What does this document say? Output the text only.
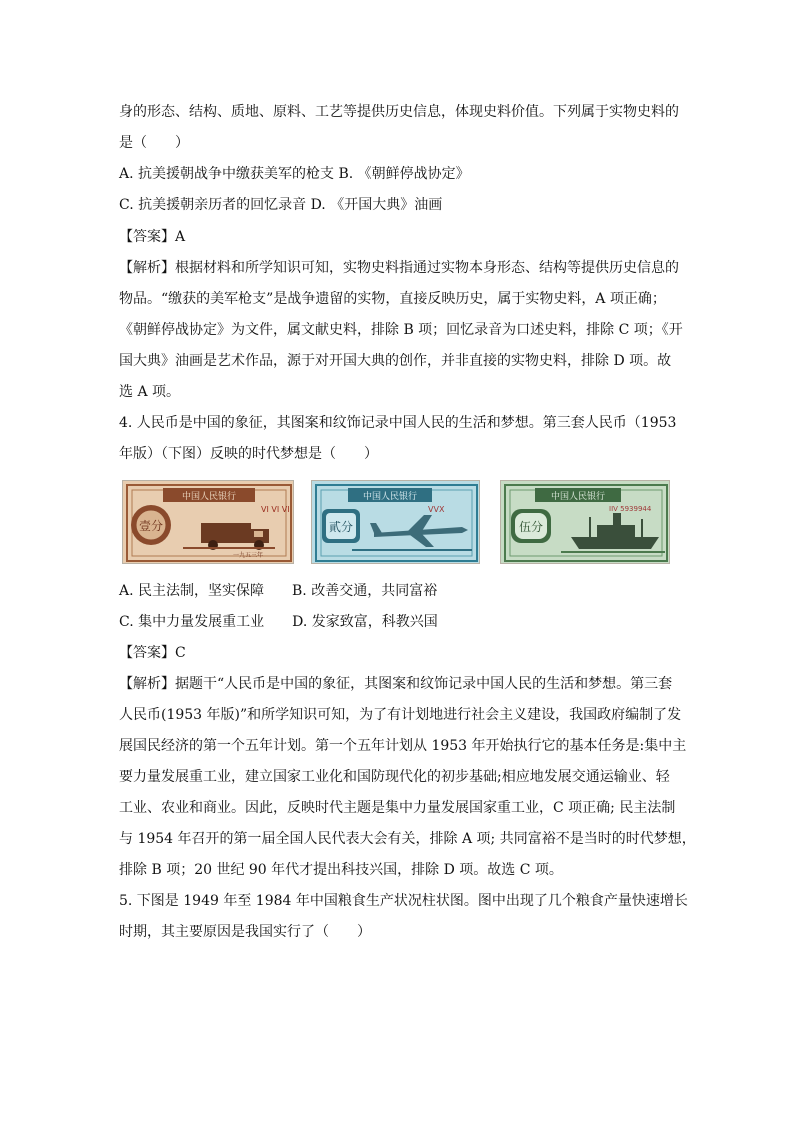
身的形态、结构、质地、原料、工艺等提供历史信息，体现史料价值。下列属于实物史料的
是（　　）
A. 抗美援朝战争中缴获美军的枪支 B. 《朝鲜停战协定》
C. 抗美援朝亲历者的回忆录音 D. 《开国大典》油画
【答案】A
【解析】根据材料和所学知识可知，实物史料指通过实物本身形态、结构等提供历史信息的
物品。“缴获的美军枪支”是战争遗留的实物，直接反映历史，属于实物史料，A 项正确；
《朝鲜停战协定》为文件，属文献史料，排除 B 项；回忆录音为口述史料，排除 C 项；《开
国大典》油画是艺术作品，源于对开国大典的创作，并非直接的实物史料，排除 D 项。故
选 A 项。
4. 人民币是中国的象征，其图案和纹饰记录中国人民的生活和梦想。第三套人民币（1953
年版）（下图）反映的时代梦想是（　　）
中国人民银行
VI VI VI
壹分
一九五三年
中国人民银行
VVX
貳分
中国人民银行
IIV 5939944
伍分
A. 民主法制，坚实保障　　B. 改善交通，共同富裕
C. 集中力量发展重工业　　D. 发家致富，科教兴国
【答案】C
【解析】据题干“人民币是中国的象征，其图案和纹饰记录中国人民的生活和梦想。第三套
人民币(1953 年版)”和所学知识可知，为了有计划地进行社会主义建设，我国政府编制了发
展国民经济的第一个五年计划。第一个五年计划从 1953 年开始执行它的基本任务是:集中主
要力量发展重工业，建立国家工业化和国防现代化的初步基础;相应地发展交通运输业、轻
工业、农业和商业。因此，反映时代主题是集中力量发展国家重工业，C 项正确; 民主法制
与 1954 年召开的第一届全国人民代表大会有关，排除 A 项; 共同富裕不是当时的时代梦想，
排除 B 项；20 世纪 90 年代才提出科技兴国，排除 D 项。故选 C 项。
5. 下图是 1949 年至 1984 年中国粮食生产状况柱状图。图中出现了几个粮食产量快速增长
时期，其主要原因是我国实行了（　　）
